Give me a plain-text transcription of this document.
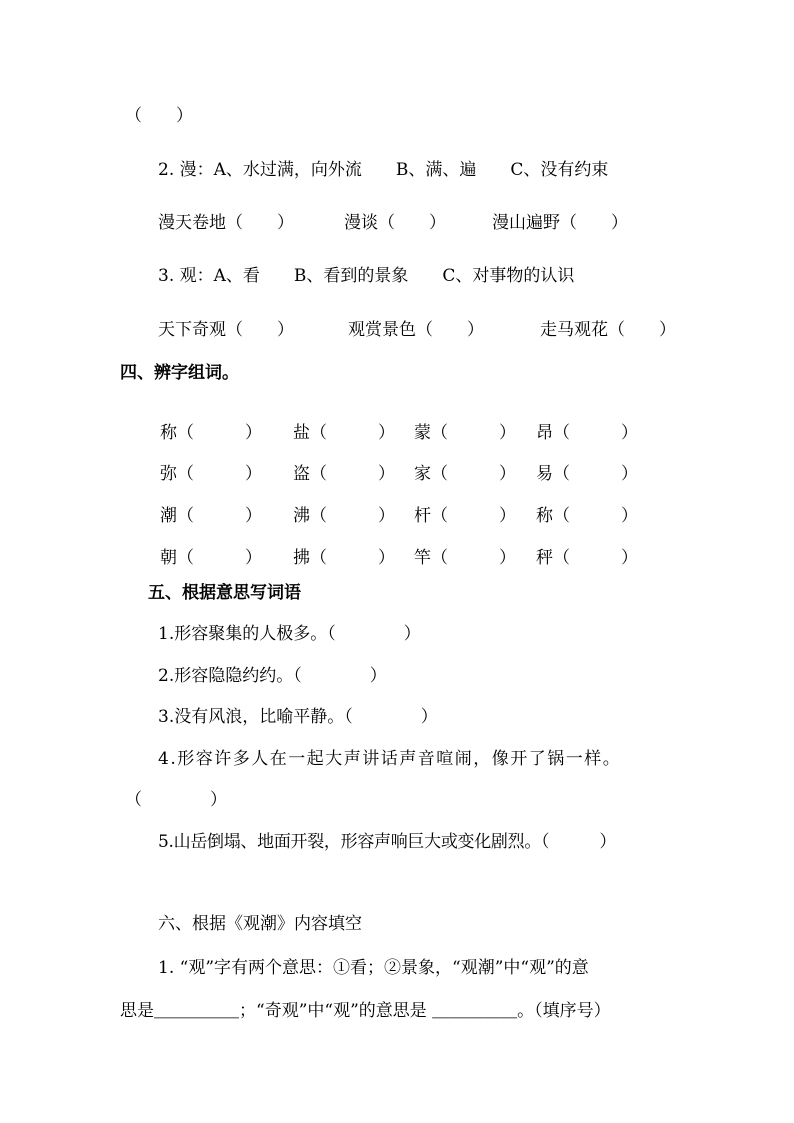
（　　）
2. 漫：A、水过满，向外流　　B、满、遍　　C、没有约束
漫天卷地（　　）	漫谈（　　）	漫山遍野（　　）
3. 观：A、看　　B、看到的景象　　C、对事物的认识
天下奇观（　　）	观赏景色（　　）	走马观花（　　）
四、辨字组词。
称（　　　） 盐（　　　） 蒙（　　　） 昂（　　　）
弥（　　　） 盗（　　　） 家（　　　） 易（　　　）
潮（　　　） 沸（　　　） 杆（　　　） 称（　　　）
朝（　　　） 拂（　　　） 竿（　　　） 秤（　　　）
五、根据意思写词语
1.形容聚集的人极多。（　　　　）
2.形容隐隐约约。（　　　　）
3.没有风浪，比喻平静。（　　　　）
4.形容许多人在一起大声讲话声音喧闹，像开了锅一样。
（　　　　）
5.山岳倒塌、地面开裂，形容声响巨大或变化剧烈。（　　　）
六、根据《观潮》内容填空
1. “观”字有两个意思：①看；②景象，“观潮”中“观”的意
思是＿＿＿＿＿；“奇观”中“观”的意思是 ＿＿＿＿＿。（填序号）
